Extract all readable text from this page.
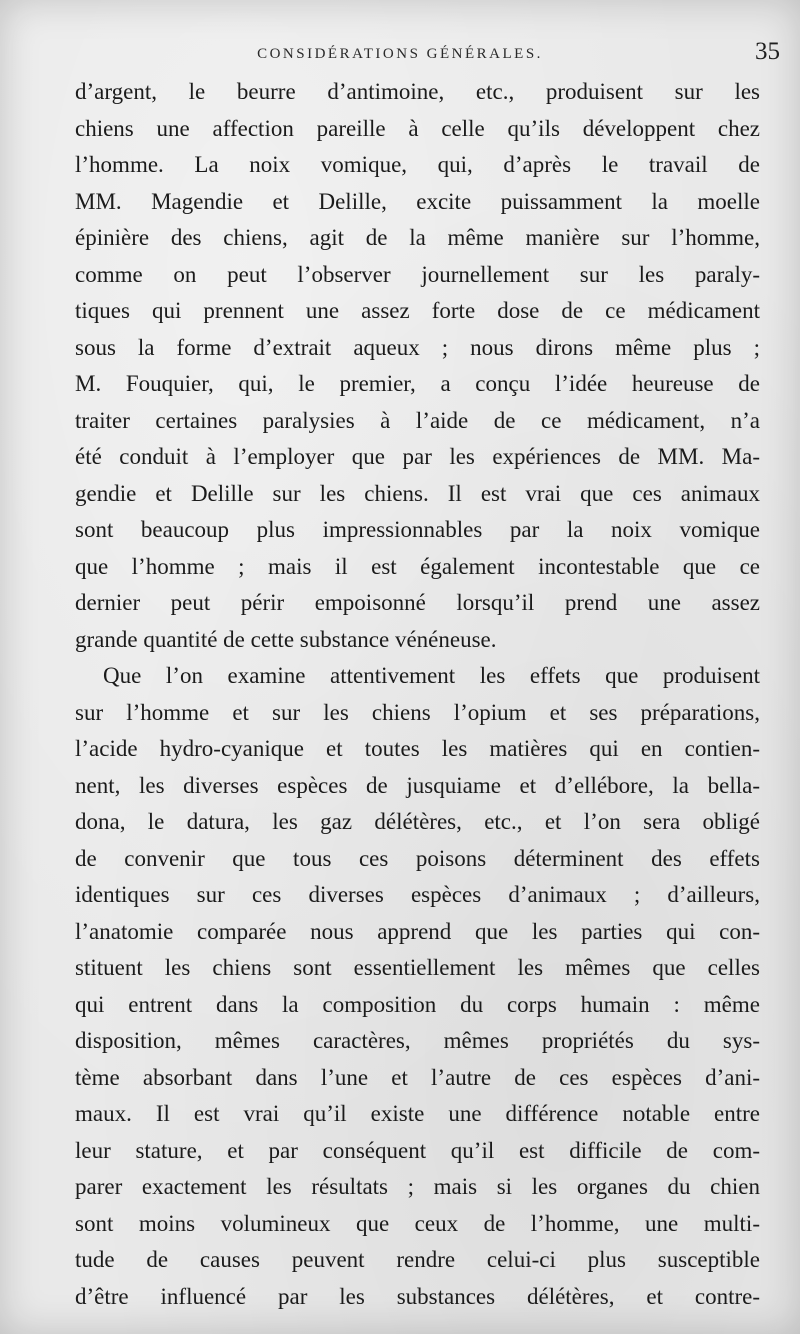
CONSIDÉRATIONS GÉNÉRALES.	35
d’argent, le beurre d’antimoine, etc., produisent sur les
chiens une affection pareille à celle qu’ils développent chez
l’homme. La noix vomique, qui, d’après le travail de
MM. Magendie et Delille, excite puissamment la moelle
épinière des chiens, agit de la même manière sur l’homme,
comme on peut l’observer journellement sur les paraly-
tiques qui prennent une assez forte dose de ce médicament
sous la forme d’extrait aqueux ; nous dirons même plus ;
M. Fouquier, qui, le premier, a conçu l’idée heureuse de
traiter certaines paralysies à l’aide de ce médicament, n’a
été conduit à l’employer que par les expériences de MM. Ma-
gendie et Delille sur les chiens. Il est vrai que ces animaux
sont beaucoup plus impressionnables par la noix vomique
que l’homme ; mais il est également incontestable que ce
dernier peut périr empoisonné lorsqu’il prend une assez
grande quantité de cette substance vénéneuse.
Que l’on examine attentivement les effets que produisent
sur l’homme et sur les chiens l’opium et ses préparations,
l’acide hydro-cyanique et toutes les matières qui en contien-
nent, les diverses espèces de jusquiame et d’ellébore, la bella-
dona, le datura, les gaz délétères, etc., et l’on sera obligé
de convenir que tous ces poisons déterminent des effets
identiques sur ces diverses espèces d’animaux ; d’ailleurs,
l’anatomie comparée nous apprend que les parties qui con-
stituent les chiens sont essentiellement les mêmes que celles
qui entrent dans la composition du corps humain : même
disposition, mêmes caractères, mêmes propriétés du sys-
tème absorbant dans l’une et l’autre de ces espèces d’ani-
maux. Il est vrai qu’il existe une différence notable entre
leur stature, et par conséquent qu’il est difficile de com-
parer exactement les résultats ; mais si les organes du chien
sont moins volumineux que ceux de l’homme, une multi-
tude de causes peuvent rendre celui-ci plus susceptible
d’être influencé par les substances délétères, et contre-
